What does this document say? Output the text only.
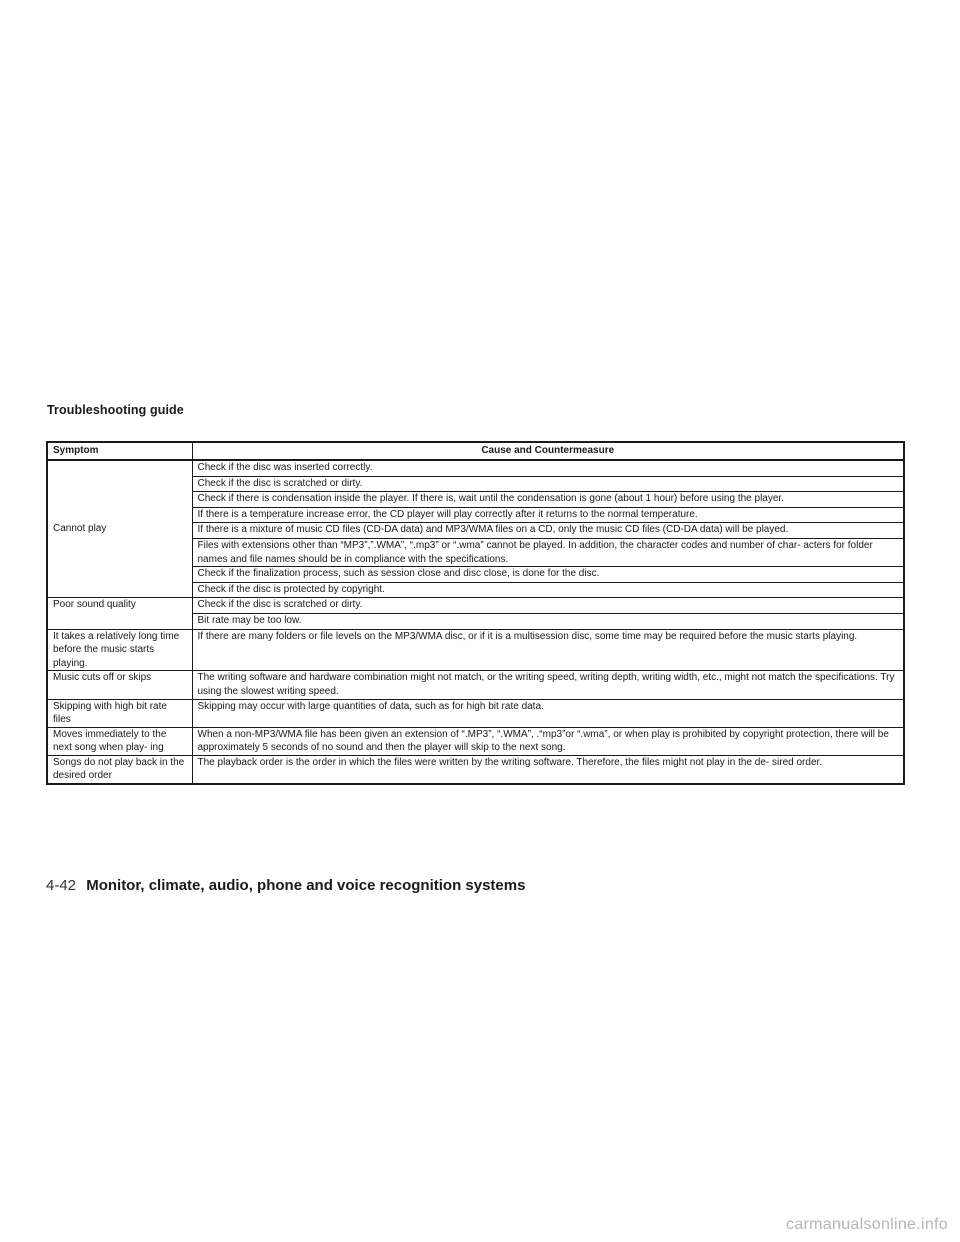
Troubleshooting guide
Symptom	Cause and Countermeasure
Cannot play	Check if the disc was inserted correctly.
	Check if the disc is scratched or dirty.
	Check if there is condensation inside the player. If there is, wait until the condensation is gone (about 1 hour) before using the player.
	If there is a temperature increase error, the CD player will play correctly after it returns to the normal temperature.
	If there is a mixture of music CD files (CD-DA data) and MP3/WMA files on a CD, only the music CD files (CD-DA data) will be played.
	Files with extensions other than “MP3”,”.WMA”, “.mp3” or “.wma” cannot be played. In addition, the character codes and number of char- acters for folder names and file names should be in compliance with the specifications.
	Check if the finalization process, such as session close and disc close, is done for the disc.
	Check if the disc is protected by copyright.
Poor sound quality	Check if the disc is scratched or dirty.
	Bit rate may be too low.
It takes a relatively long time before the music starts playing.	If there are many folders or file levels on the MP3/WMA disc, or if it is a multisession disc, some time may be required before the music starts playing.
Music cuts off or skips	The writing software and hardware combination might not match, or the writing speed, writing depth, writing width, etc., might not match the specifications. Try using the slowest writing speed.
Skipping with high bit rate files	Skipping may occur with large quantities of data, such as for high bit rate data.
Moves immediately to the next song when play- ing	When a non-MP3/WMA file has been given an extension of “.MP3”, “.WMA”, .“mp3”or “.wma”, or when play is prohibited by copyright protection, there will be approximately 5 seconds of no sound and then the player will skip to the next song.
Songs do not play back in the desired order	The playback order is the order in which the files were written by the writing software. Therefore, the files might not play in the de- sired order.
4-42 Monitor, climate, audio, phone and voice recognition systems
carmanualsonline.info
